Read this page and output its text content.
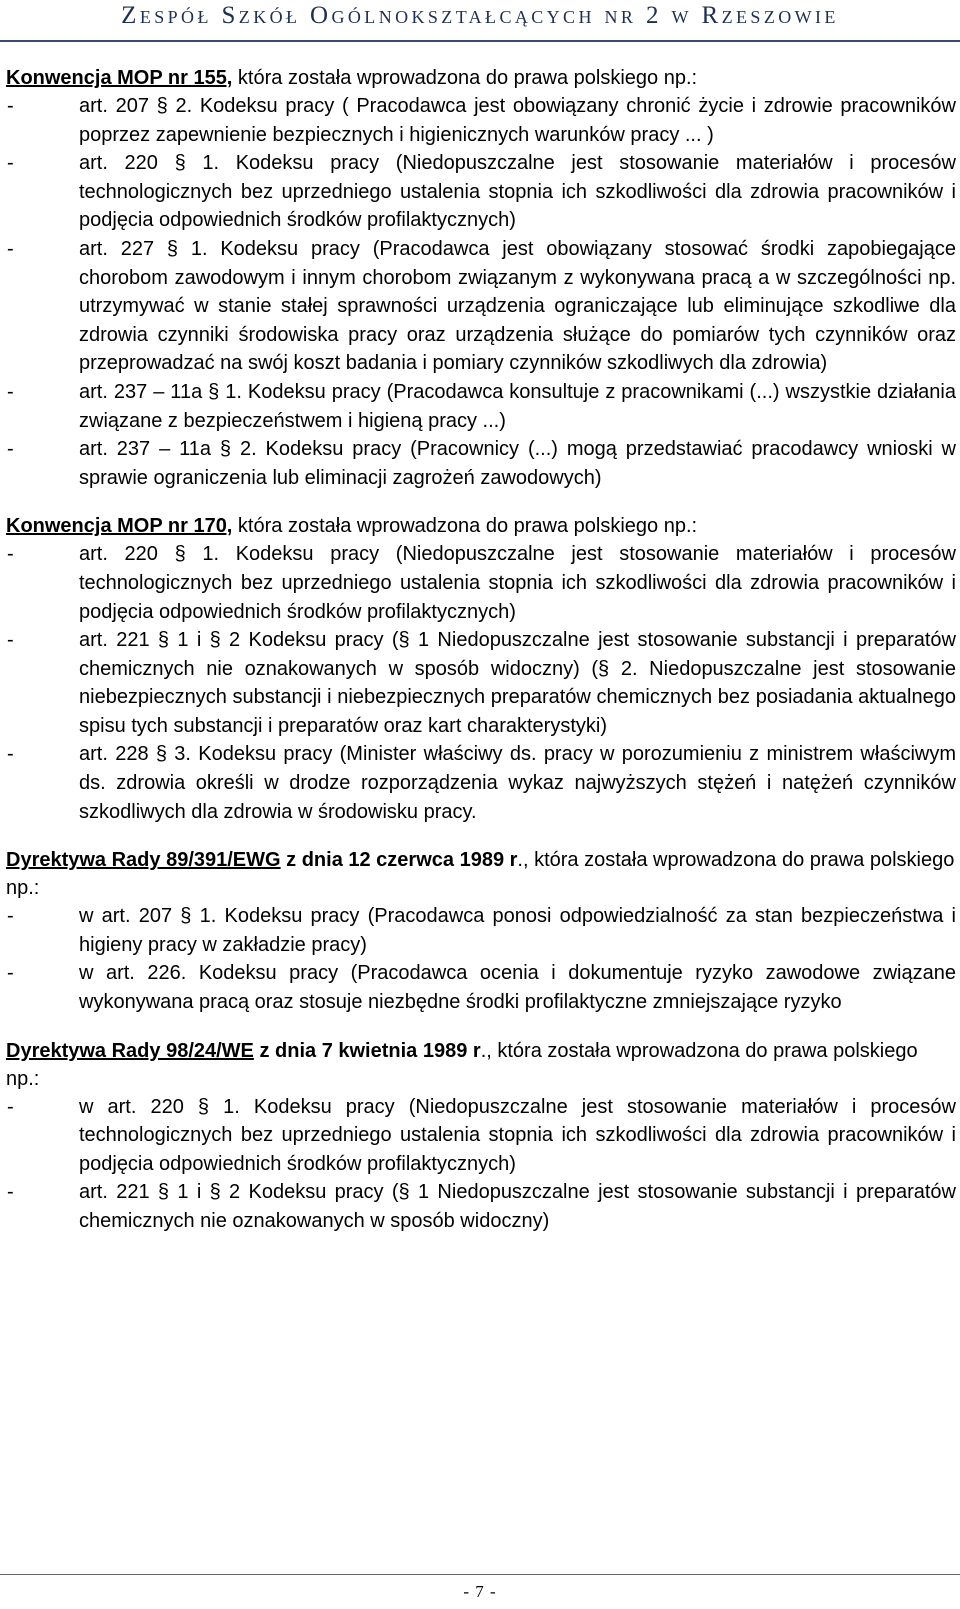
Zespół Szkół Ogólnokształcących nr 2 w Rzeszowie
Konwencja MOP nr 155, która została wprowadzona do prawa polskiego np.:
-	art. 207 § 2. Kodeksu pracy ( Pracodawca jest obowiązany chronić życie i zdrowie pracowników poprzez zapewnienie bezpiecznych i higienicznych warunków pracy ... )
-	art. 220 § 1. Kodeksu pracy (Niedopuszczalne jest stosowanie materiałów i procesów technologicznych bez uprzedniego ustalenia stopnia ich szkodliwości dla zdrowia pracowników i podjęcia odpowiednich środków profilaktycznych)
-	art. 227 § 1. Kodeksu pracy (Pracodawca jest obowiązany stosować środki zapobiegające chorobom zawodowym i innym chorobom związanym z wykonywana pracą a w szczególności np. utrzymywać w stanie stałej sprawności urządzenia ograniczające lub eliminujące szkodliwe dla zdrowia czynniki środowiska pracy oraz urządzenia służące do pomiarów tych czynników oraz przeprowadzać na swój koszt badania i pomiary czynników szkodliwych dla zdrowia)
-	art. 237 – 11a § 1. Kodeksu pracy (Pracodawca konsultuje z pracownikami (...) wszystkie działania związane z bezpieczeństwem i higieną pracy ...)
-	art. 237 – 11a § 2. Kodeksu pracy (Pracownicy (...) mogą przedstawiać pracodawcy wnioski w sprawie ograniczenia lub eliminacji zagrożeń zawodowych)
Konwencja MOP nr 170, która została wprowadzona do prawa polskiego np.:
-	art. 220 § 1. Kodeksu pracy (Niedopuszczalne jest stosowanie materiałów i procesów technologicznych bez uprzedniego ustalenia stopnia ich szkodliwości dla zdrowia pracowników i podjęcia odpowiednich środków profilaktycznych)
-	art. 221 § 1 i § 2 Kodeksu pracy (§ 1 Niedopuszczalne jest stosowanie substancji i preparatów chemicznych nie oznakowanych w sposób widoczny) (§ 2. Niedopuszczalne jest stosowanie niebezpiecznych substancji i niebezpiecznych preparatów chemicznych bez posiadania aktualnego spisu tych substancji i preparatów oraz kart charakterystyki)
-	art. 228 § 3. Kodeksu pracy (Minister właściwy ds. pracy w porozumieniu z ministrem właściwym ds. zdrowia określi w drodze rozporządzenia wykaz najwyższych stężeń i natężeń czynników szkodliwych dla zdrowia w środowisku pracy.
Dyrektywa Rady 89/391/EWG z dnia 12 czerwca 1989 r., która została wprowadzona do prawa polskiego np.:
-	w art. 207 § 1. Kodeksu pracy (Pracodawca ponosi odpowiedzialność za stan bezpieczeństwa i higieny pracy w zakładzie pracy)
-	w art. 226. Kodeksu pracy (Pracodawca ocenia i dokumentuje ryzyko zawodowe związane wykonywana pracą oraz stosuje niezbędne środki profilaktyczne zmniejszające ryzyko
Dyrektywa Rady 98/24/WE z dnia 7 kwietnia 1989 r., która została wprowadzona do prawa polskiego np.:
-	w art. 220 § 1. Kodeksu pracy (Niedopuszczalne jest stosowanie materiałów i procesów technologicznych bez uprzedniego ustalenia stopnia ich szkodliwości dla zdrowia pracowników i podjęcia odpowiednich środków profilaktycznych)
-	art. 221 § 1 i § 2 Kodeksu pracy (§ 1 Niedopuszczalne jest stosowanie substancji i preparatów chemicznych nie oznakowanych w sposób widoczny)
- 7 -
